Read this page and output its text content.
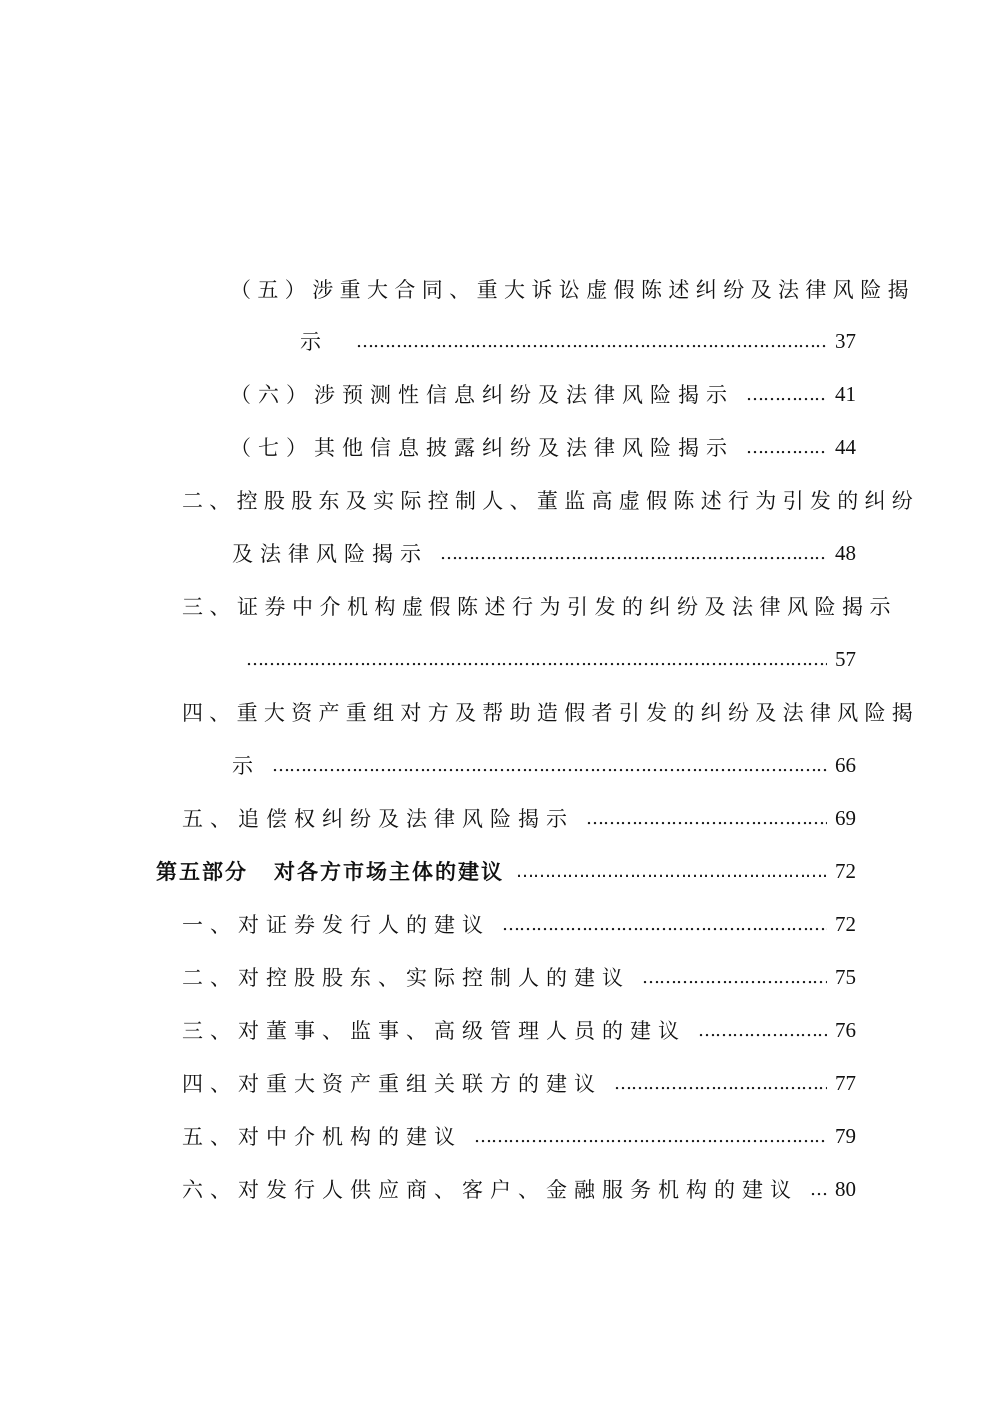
（五）涉重大合同、重大诉讼虚假陈述纠纷及法律风险揭
示 ……………………………………………………………………………………………………………………………………………………	37
（六）涉预测性信息纠纷及法律风险揭示 ……………………………………………………………………………………………………………………………………………………	41
（七）其他信息披露纠纷及法律风险揭示 ……………………………………………………………………………………………………………………………………………………	44
二、控股股东及实际控制人、董监高虚假陈述行为引发的纠纷
及法律风险揭示 ……………………………………………………………………………………………………………………………………………………	48
三、证券中介机构虚假陈述行为引发的纠纷及法律风险揭示
……………………………………………………………………………………………………………………………………………………
57
四、重大资产重组对方及帮助造假者引发的纠纷及法律风险揭
示 ……………………………………………………………………………………………………………………………………………………	66
五、追偿权纠纷及法律风险揭示 ……………………………………………………………………………………………………………………………………………………	69
第五部分 对各方市场主体的建议 ……………………………………………………………………………………………………………………………………………………	72
一、对证券发行人的建议 ……………………………………………………………………………………………………………………………………………………	72
二、对控股股东、实际控制人的建议 ……………………………………………………………………………………………………………………………………………………	75
三、对董事、监事、高级管理人员的建议 ……………………………………………………………………………………………………………………………………………………	76
四、对重大资产重组关联方的建议 ……………………………………………………………………………………………………………………………………………………	77
五、对中介机构的建议 ……………………………………………………………………………………………………………………………………………………	79
六、对发行人供应商、客户、金融服务机构的建议 …………………………………………………………………………………………………………………………………………………… 80
